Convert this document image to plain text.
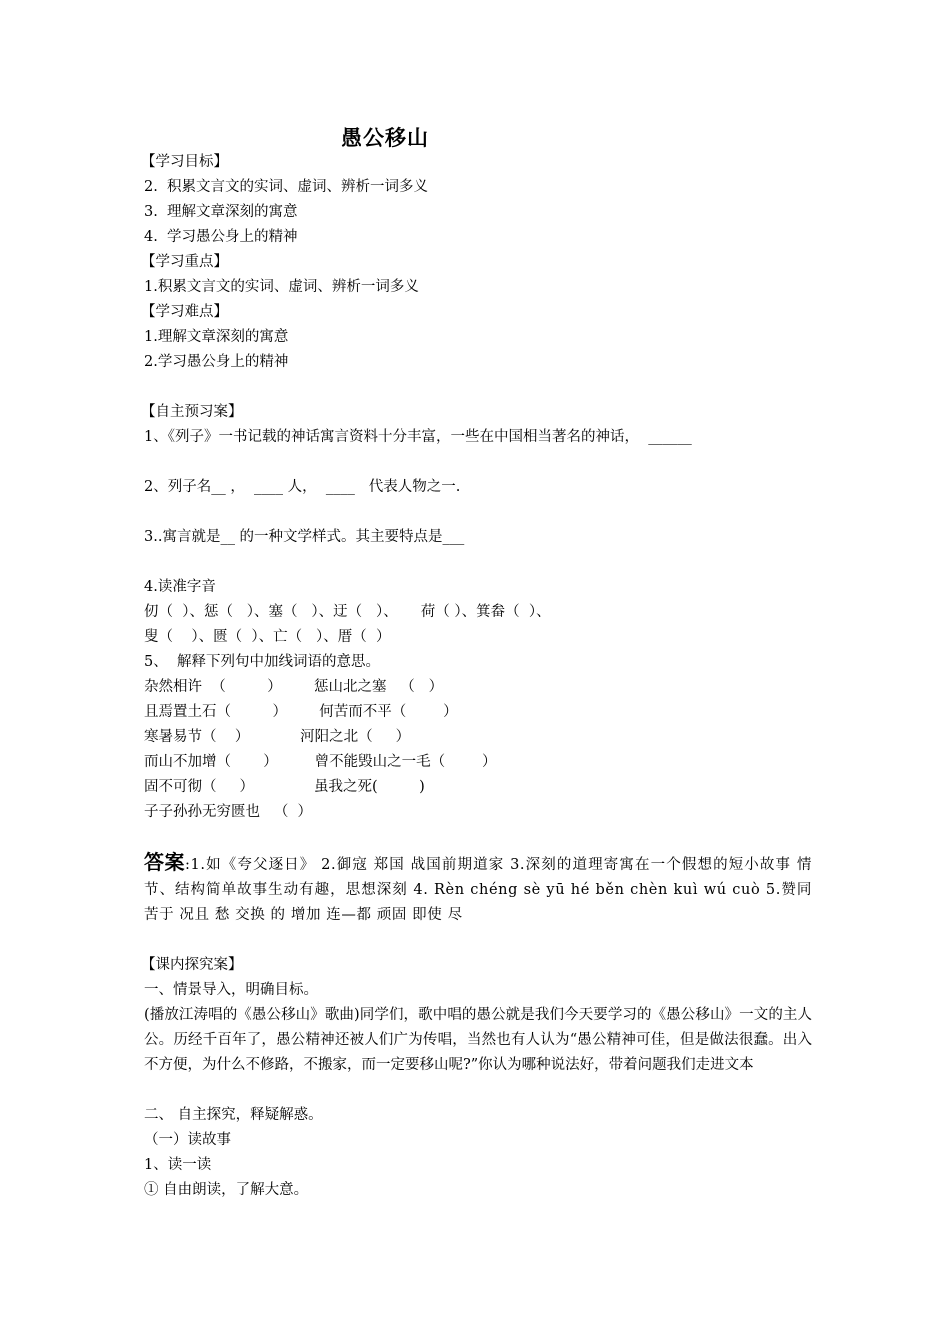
愚公移山
【学习目标】
2.  积累文言文的实词、虚词、辨析一词多义
3.  理解文章深刻的寓意
4.  学习愚公身上的精神
【学习重点】
1.积累文言文的实词、虚词、辨析一词多义
【学习难点】
1.理解文章深刻的寓意
2.学习愚公身上的精神
【自主预习案】
1、《列子》一书记载的神话寓言资料十分丰富，一些在中国相当著名的神话，  ______
2、列子名__ ，  ____ 人，  ____   代表人物之一.
3..寓言就是__ 的一种文学样式。其主要特点是___
4.读准字音
仞（  ）、惩（   ）、塞（   ）、迂（   ）、     荷（ ）、箕畚（  ）、
叟（    ）、匮（  ）、亡（   ）、厝（  ）
5、  解释下列句中加线词语的意思。
杂然相许  （         ）       惩山北之塞   （   ）
且焉置土石（         ）       何苦而不平（        ）
寒暑易节（    ）           河阳之北（     ）
而山不加增（       ）        曾不能毁山之一毛（        ）
固不可彻（     ）             虽我之死(         )
子子孙孙无穷匮也   （  ）
答案:1.如《夸父逐日》 2.御寇 郑国 战国前期道家 3.深刻的道理寄寓在一个假想的短小故事 情节、结构简单故事生动有趣，思想深刻 4. Rèn chéng sè yū hé běn chèn kuì wú cuò 5.赞同苦于 况且 愁 交换 的 增加 连—都 顽固 即使 尽
【课内探究案】
一、情景导入，明确目标。
(播放江涛唱的《愚公移山》歌曲)同学们，歌中唱的愚公就是我们今天要学习的《愚公移山》一文的主人公。历经千百年了，愚公精神还被人们广为传唱，当然也有人认为“愚公精神可佳，但是做法很蠢。出入不方便，为什么不修路，不搬家，而一定要移山呢?”你认为哪种说法好，带着问题我们走进文本
二、 自主探究，释疑解惑。
（一）读故事
1、读一读
① 自由朗读，了解大意。
